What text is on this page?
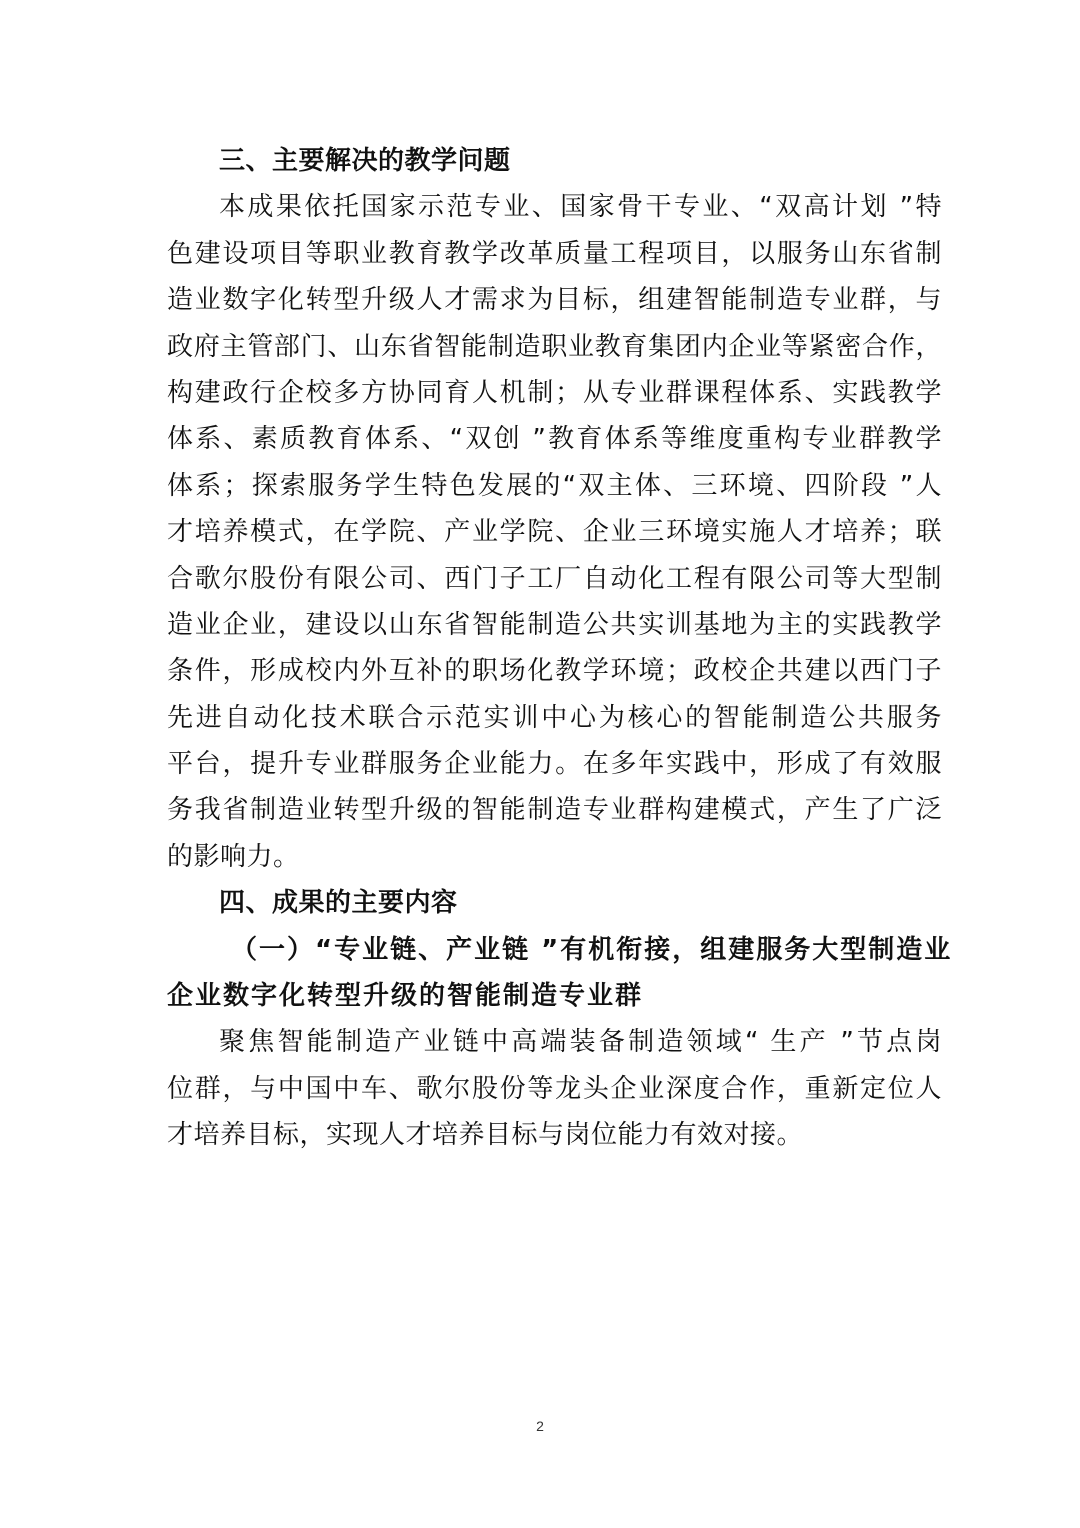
三、主要解决的教学问题
本成果依托国家示范专业、国家骨干专业、“双高计划 ”特
色建设项目等职业教育教学改革质量工程项目，以服务山东省制
造业数字化转型升级人才需求为目标，组建智能制造专业群，与
政府主管部门、山东省智能制造职业教育集团内企业等紧密合作，
构建政行企校多方协同育人机制；从专业群课程体系、实践教学
体系、素质教育体系、“双创 ”教育体系等维度重构专业群教学
体系；探索服务学生特色发展的“双主体、三环境、四阶段 ”人
才培养模式，在学院、产业学院、企业三环境实施人才培养；联
合歌尔股份有限公司、西门子工厂自动化工程有限公司等大型制
造业企业，建设以山东省智能制造公共实训基地为主的实践教学
条件，形成校内外互补的职场化教学环境；政校企共建以西门子
先进自动化技术联合示范实训中心为核心的智能制造公共服务
平台，提升专业群服务企业能力。在多年实践中，形成了有效服
务我省制造业转型升级的智能制造专业群构建模式，产生了广泛
的影响力。
四、成果的主要内容
（一）“专业链、产业链 ”有机衔接，组建服务大型制造业
企业数字化转型升级的智能制造专业群
聚焦智能制造产业链中高端装备制造领域“ 生产 ”节点岗
位群，与中国中车、歌尔股份等龙头企业深度合作，重新定位人
才培养目标，实现人才培养目标与岗位能力有效对接。
2
